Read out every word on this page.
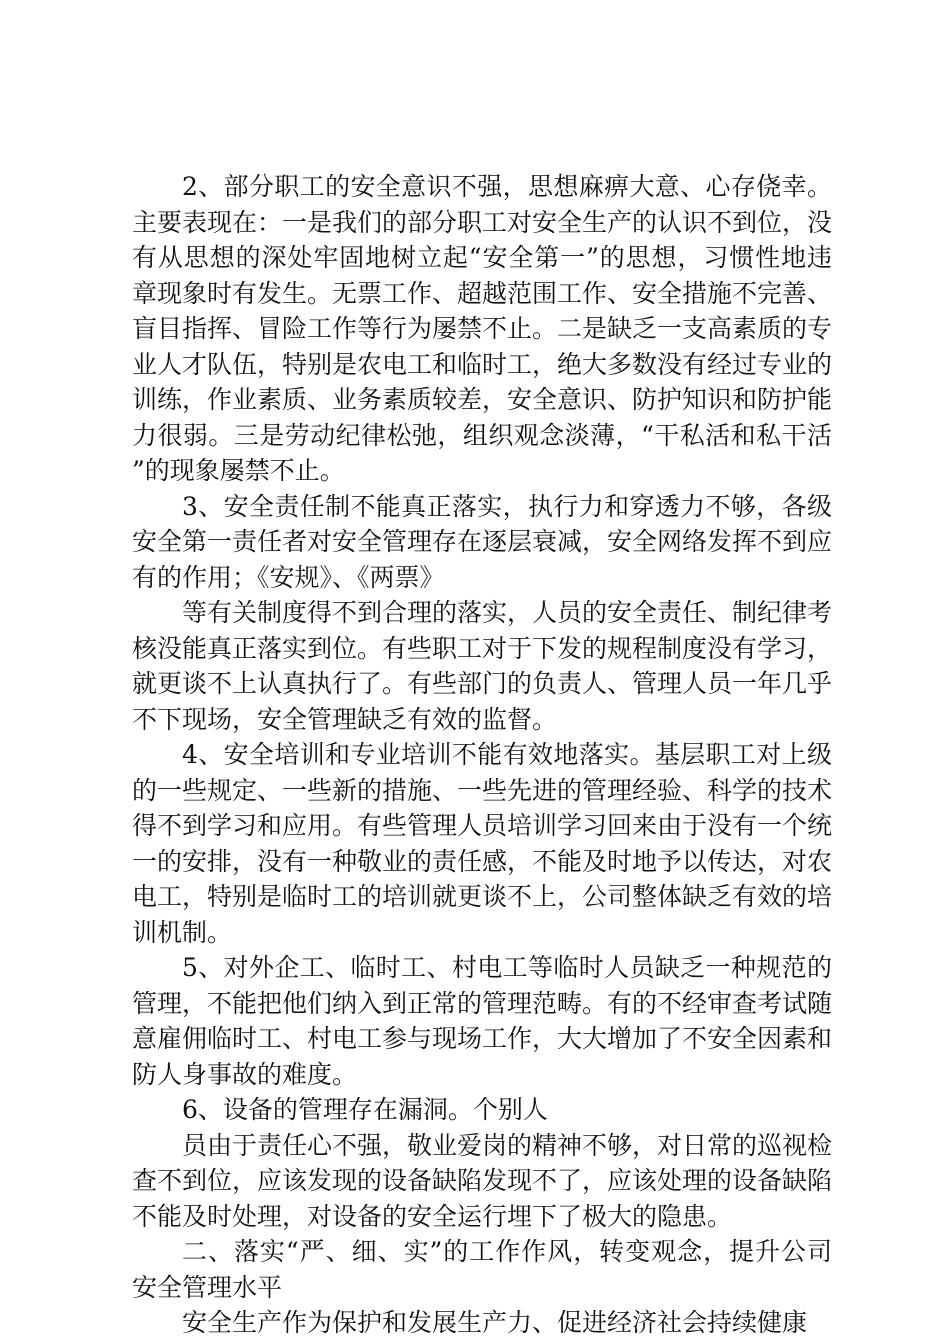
2、部分职工的安全意识不强，思想麻痹大意、心存侥幸。主要表现在：一是我们的部分职工对安全生产的认识不到位，没有从思想的深处牢固地树立起“安全第一”的思想，习惯性地违章现象时有发生。无票工作、超越范围工作、安全措施不完善、盲目指挥、冒险工作等行为屡禁不止。二是缺乏一支高素质的专业人才队伍，特别是农电工和临时工，绝大多数没有经过专业的训练，作业素质、业务素质较差，安全意识、防护知识和防护能力很弱。三是劳动纪律松弛，组织观念淡薄，“干私活和私干活”的现象屡禁不止。

3、安全责任制不能真正落实，执行力和穿透力不够，各级安全第一责任者对安全管理存在逐层衰减，安全网络发挥不到应有的作用；《安规》、《两票》

等有关制度得不到合理的落实，人员的安全责任、制纪律考核没能真正落实到位。有些职工对于下发的规程制度没有学习，就更谈不上认真执行了。有些部门的负责人、管理人员一年几乎不下现场，安全管理缺乏有效的监督。

4、安全培训和专业培训不能有效地落实。基层职工对上级的一些规定、一些新的措施、一些先进的管理经验、科学的技术得不到学习和应用。有些管理人员培训学习回来由于没有一个统一的安排，没有一种敬业的责任感，不能及时地予以传达，对农电工，特别是临时工的培训就更谈不上，公司整体缺乏有效的培训机制。

5、对外企工、临时工、村电工等临时人员缺乏一种规范的管理，不能把他们纳入到正常的管理范畴。有的不经审查考试随意雇佣临时工、村电工参与现场工作，大大增加了不安全因素和防人身事故的难度。

6、设备的管理存在漏洞。个别人

员由于责任心不强，敬业爱岗的精神不够，对日常的巡视检查不到位，应该发现的设备缺陷发现不了，应该处理的设备缺陷不能及时处理，对设备的安全运行埋下了极大的隐患。

二、落实“严、细、实”的工作作风，转变观念，提升公司安全管理水平

安全生产作为保护和发展生产力、促进经济社会持续健康
